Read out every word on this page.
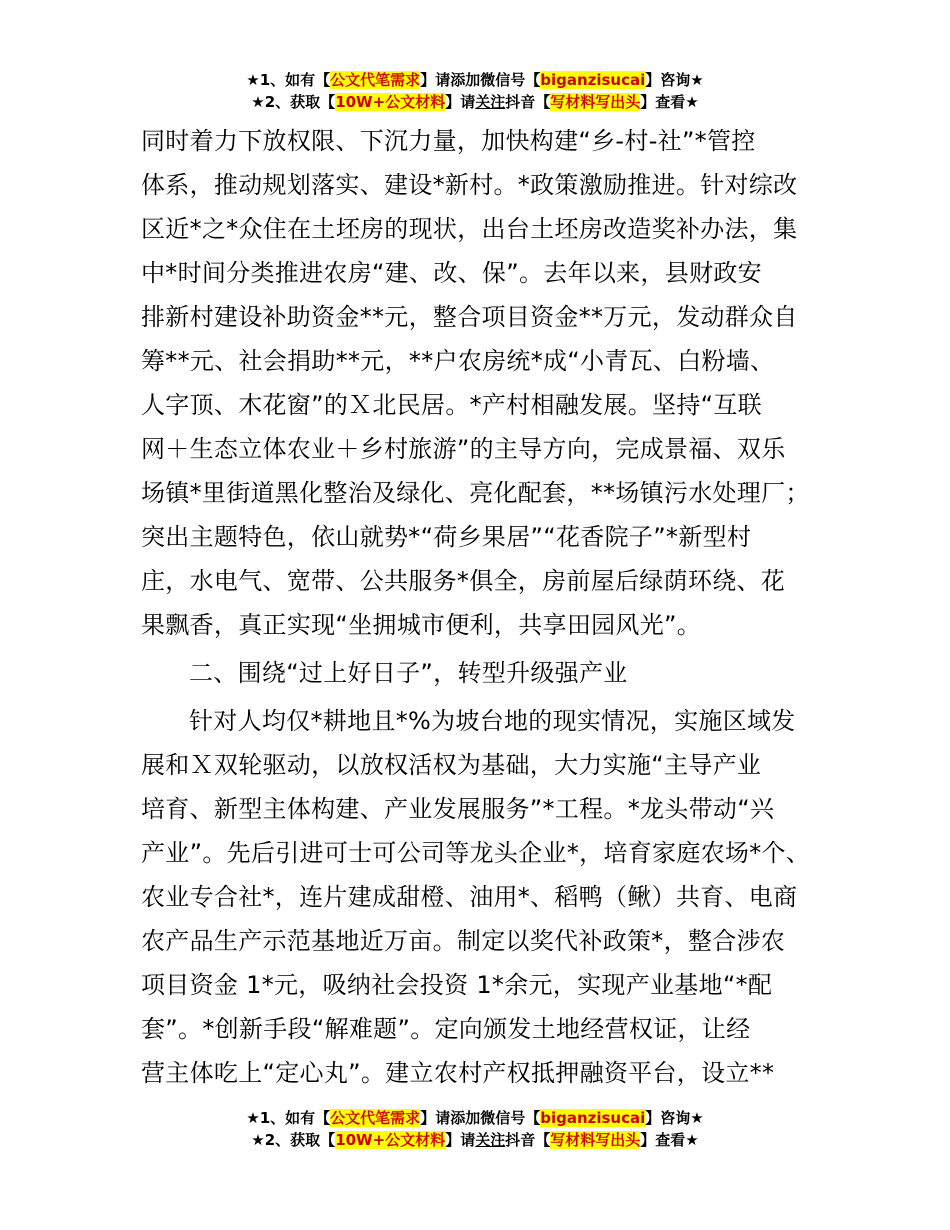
★1、如有【公文代笔需求】请添加微信号【biganzisucai】咨询★
★2、获取【10W+公文材料】请关注抖音【写材料写出头】查看★
同时着力下放权限、下沉力量，加快构建“乡-村-社”*管控
体系，推动规划落实、建设*新村。*政策激励推进。针对综改
区近*之*众住在土坯房的现状，出台土坯房改造奖补办法，集
中*时间分类推进农房“建、改、保”。去年以来，县财政安
排新村建设补助资金**元，整合项目资金**万元，发动群众自
筹**元、社会捐助**元，**户农房统*成“小青瓦、白粉墙、
人字顶、木花窗”的Ｘ北民居。*产村相融发展。坚持“互联
网＋生态立体农业＋乡村旅游”的主导方向，完成景福、双乐
场镇*里街道黑化整治及绿化、亮化配套，**场镇污水处理厂；
突出主题特色，依山就势*“荷乡果居”“花香院子”*新型村
庄，水电气、宽带、公共服务*俱全，房前屋后绿荫环绕、花
果飘香，真正实现“坐拥城市便利，共享田园风光”。
二、围绕“过上好日子”，转型升级强产业
针对人均仅*耕地且*%为坡台地的现实情况，实施区域发
展和Ｘ双轮驱动，以放权活权为基础，大力实施“主导产业
培育、新型主体构建、产业发展服务”*工程。*龙头带动“兴
产业”。先后引进可士可公司等龙头企业*，培育家庭农场*个、
农业专合社*，连片建成甜橙、油用*、稻鸭（鳅）共育、电商
农产品生产示范基地近万亩。制定以奖代补政策*，整合涉农
项目资金 1*元，吸纳社会投资 1*余元，实现产业基地“*配
套”。*创新手段“解难题”。定向颁发土地经营权证，让经
营主体吃上“定心丸”。建立农村产权抵押融资平台，设立**
★1、如有【公文代笔需求】请添加微信号【biganzisucai】咨询★
★2、获取【10W+公文材料】请关注抖音【写材料写出头】查看★
